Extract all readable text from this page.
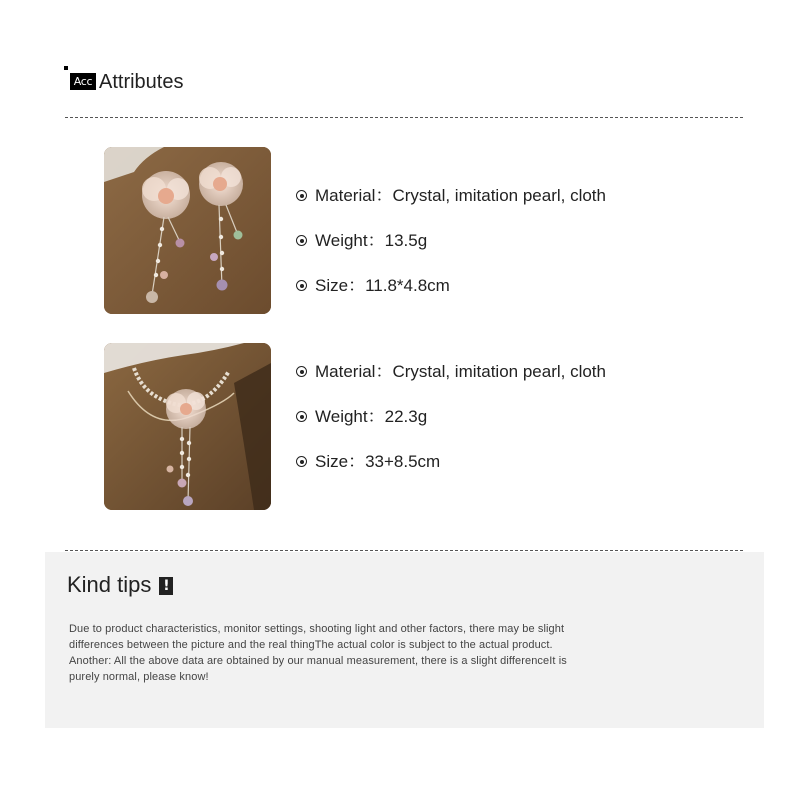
Acc Attributes
Material：Crystal, imitation pearl, cloth
Weight：13.5g
Size：11.8*4.8cm
Material：Crystal, imitation pearl, cloth
Weight：22.3g
Size：33+8.5cm
Kind tips !
Due to product characteristics, monitor settings, shooting light and other factors, there may be slight
differences between the picture and the real thingThe actual color is subject to the actual product.
Another: All the above data are obtained by our manual measurement, there is a slight differenceIt is
purely normal, please know!
